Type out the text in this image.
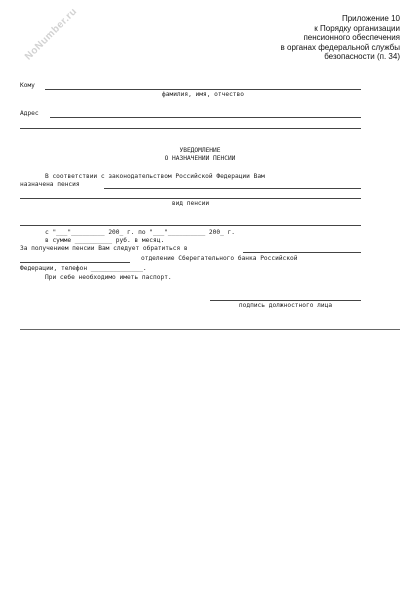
NoNumber.ru	Приложение 10
к Порядку организации
пенсионного обеспечения
в органах федеральной службы
безопасности (п. 34)
Кому
фамилия, имя, отчество
Адрес
УВЕДОМЛЕНИЕ
О НАЗНАЧЕНИИ ПЕНСИИ
В соответствии с законодательством Российской Федерации Вам
назначена пенсия
вид пенсии
с "___"_________ 200_ г. по "___"__________ 200_ г.
в сумме __________ руб. в месяц.
За получением пенсии Вам следует обратиться в
отделение Сберегательного банка Российской
Федерации, телефон ______________.
При себе необходимо иметь паспорт.
подпись должностного лица
